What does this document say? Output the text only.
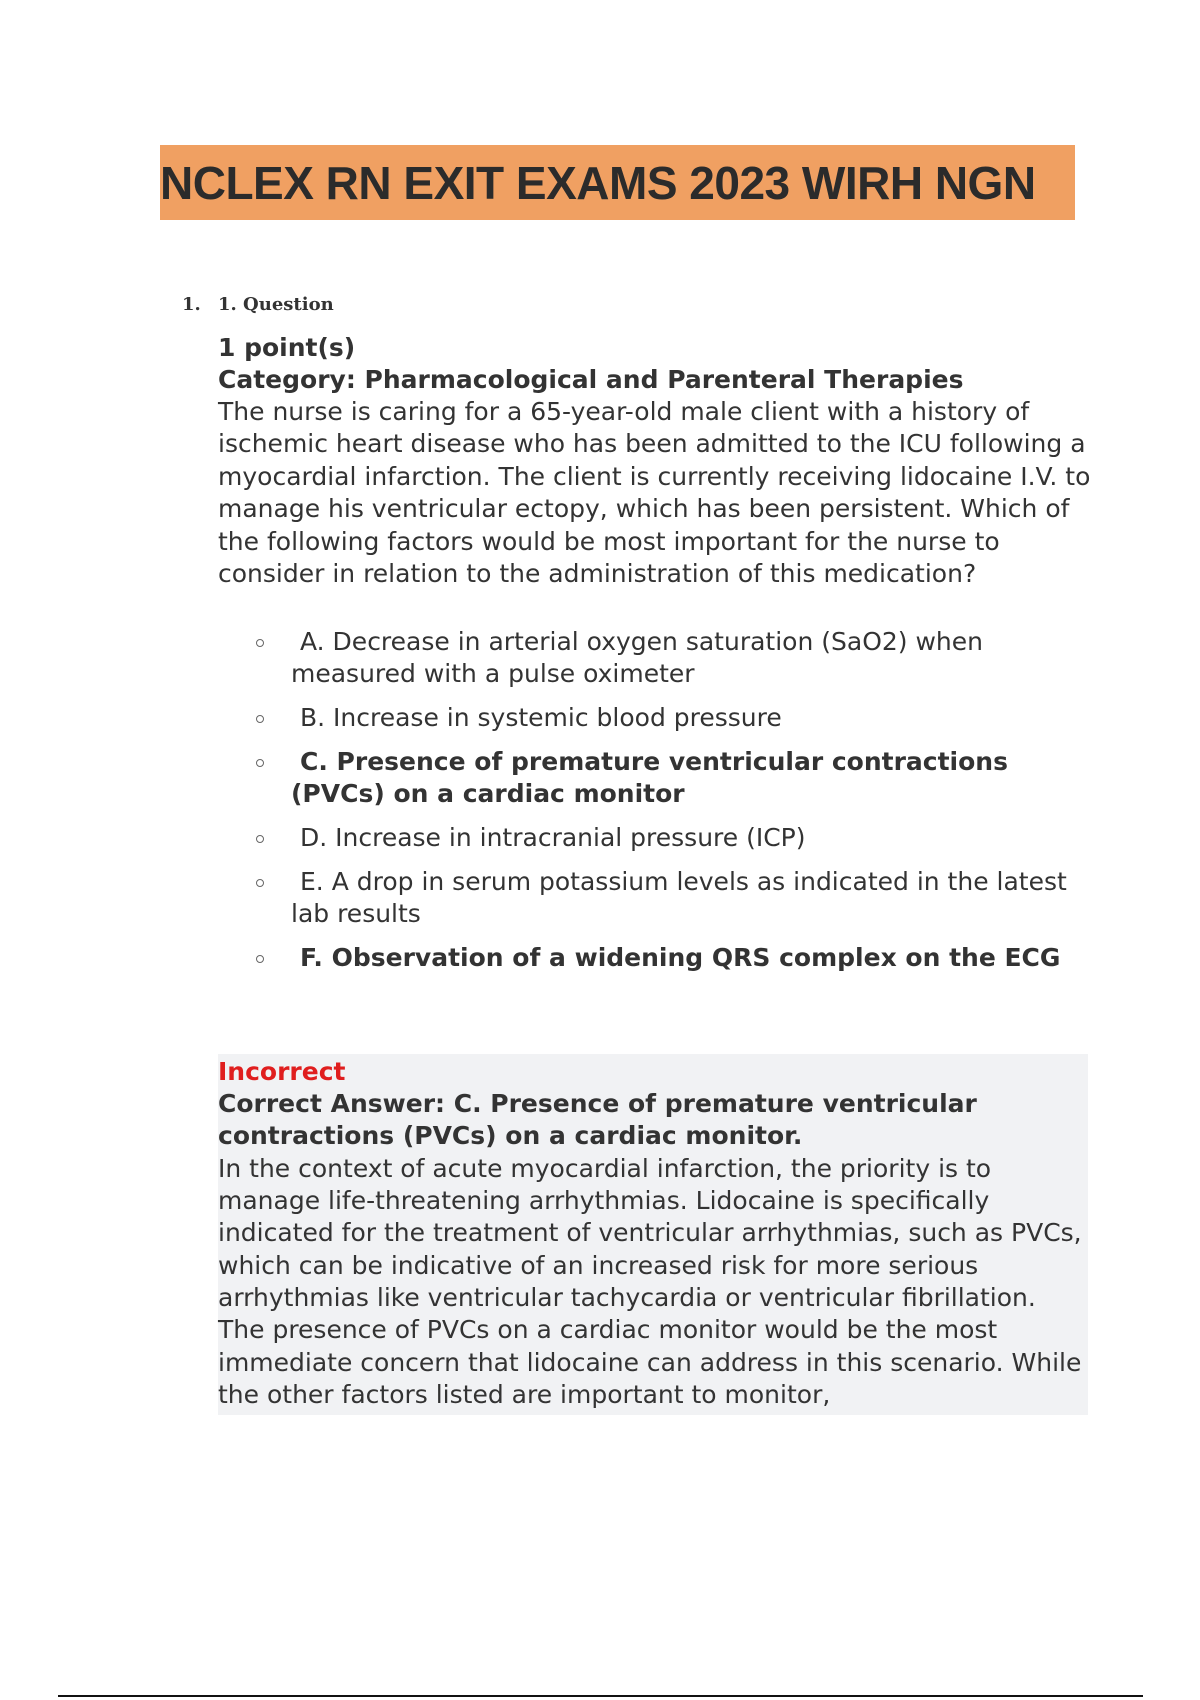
NCLEX RN EXIT EXAMS 2023 WIRH NGN
1. 1. Question
1 point(s)
Category: Pharmacological and Parenteral Therapies

The nurse is caring for a 65-year-old male client with a history of ischemic heart disease who has been admitted to the ICU following a myocardial infarction. The client is currently receiving lidocaine I.V. to manage his ventricular ectopy, which has been persistent. Which of the following factors would be most important for the nurse to consider in relation to the administration of this medication?

A. Decrease in arterial oxygen saturation (SaO2) when measured with a pulse oximeter
B. Increase in systemic blood pressure
C. Presence of premature ventricular contractions (PVCs) on a cardiac monitor
D. Increase in intracranial pressure (ICP)
E. A drop in serum potassium levels as indicated in the latest lab results
F. Observation of a widening QRS complex on the ECG
Incorrect
Correct Answer: C. Presence of premature ventricular contractions (PVCs) on a cardiac monitor.
In the context of acute myocardial infarction, the priority is to manage life-threatening arrhythmias. Lidocaine is specifically indicated for the treatment of ventricular arrhythmias, such as PVCs, which can be indicative of an increased risk for more serious arrhythmias like ventricular tachycardia or ventricular fibrillation. The presence of PVCs on a cardiac monitor would be the most immediate concern that lidocaine can address in this scenario. While the other factors listed are important to monitor,
